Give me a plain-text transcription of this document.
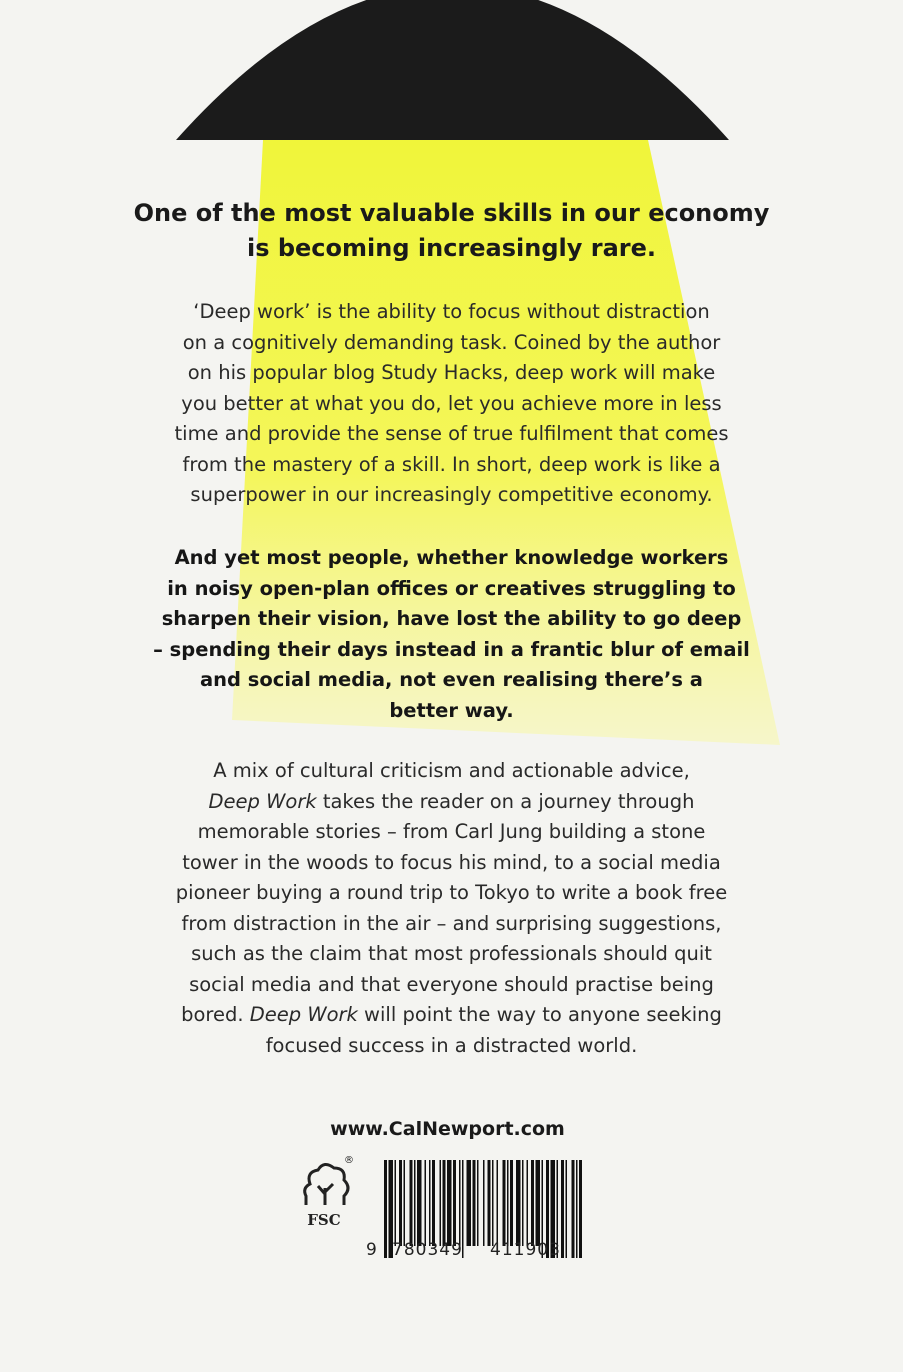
One of the most valuable skills in our economy
is becoming increasingly rare.
‘Deep work’ is the ability to focus without distraction
on a cognitively demanding task. Coined by the author
on his popular blog Study Hacks, deep work will make
you better at what you do, let you achieve more in less
time and provide the sense of true fulfilment that comes
from the mastery of a skill. In short, deep work is like a
superpower in our increasingly competitive economy.
And yet most people, whether knowledge workers
in noisy open-plan offices or creatives struggling to
sharpen their vision, have lost the ability to go deep
– spending their days instead in a frantic blur of email
and social media, not even realising there’s a
better way.
A mix of cultural criticism and actionable advice,
Deep Work takes the reader on a journey through
memorable stories – from Carl Jung building a stone
tower in the woods to focus his mind, to a social media
pioneer buying a round trip to Tokyo to write a book free
from distraction in the air – and surprising suggestions,
such as the claim that most professionals should quit
social media and that everyone should practise being
bored. Deep Work will point the way to anyone seeking
focused success in a distracted world.
www.CalNewport.com
®
FSC
9 780349 411903
